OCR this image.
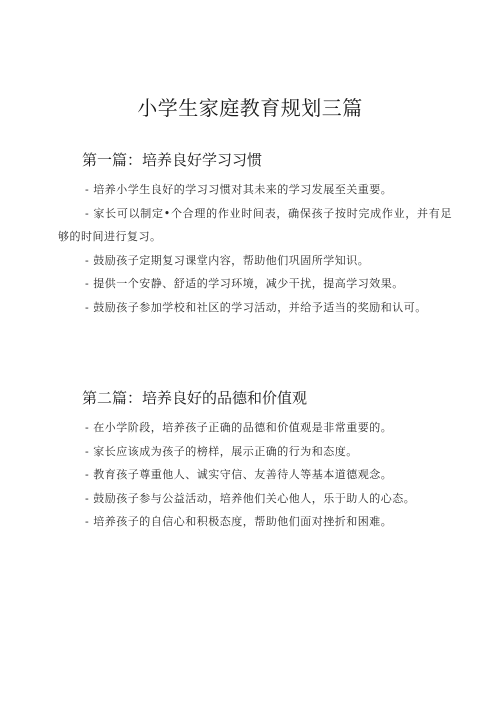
小学生家庭教育规划三篇
第一篇：培养良好学习习惯
- 培养小学生良好的学习习惯对其未来的学习发展至关重要。
- 家长可以制定•个合理的作业时间表，确保孩子按时完成作业，并有足够的时间进行复习。
- 鼓励孩子定期复习课堂内容，帮助他们巩固所学知识。
- 提供一个安静、舒适的学习环境，减少干扰，提高学习效果。
- 鼓励孩子参加学校和社区的学习活动，并给予适当的奖励和认可。
第二篇：培养良好的品德和价值观
- 在小学阶段，培养孩子正确的品德和价值观是非常重要的。
- 家长应该成为孩子的榜样，展示正确的行为和态度。
- 教育孩子尊重他人、诚实守信、友善待人等基本道德观念。
- 鼓励孩子参与公益活动，培养他们关心他人，乐于助人的心态。
- 培养孩子的自信心和积极态度，帮助他们面对挫折和困难。
